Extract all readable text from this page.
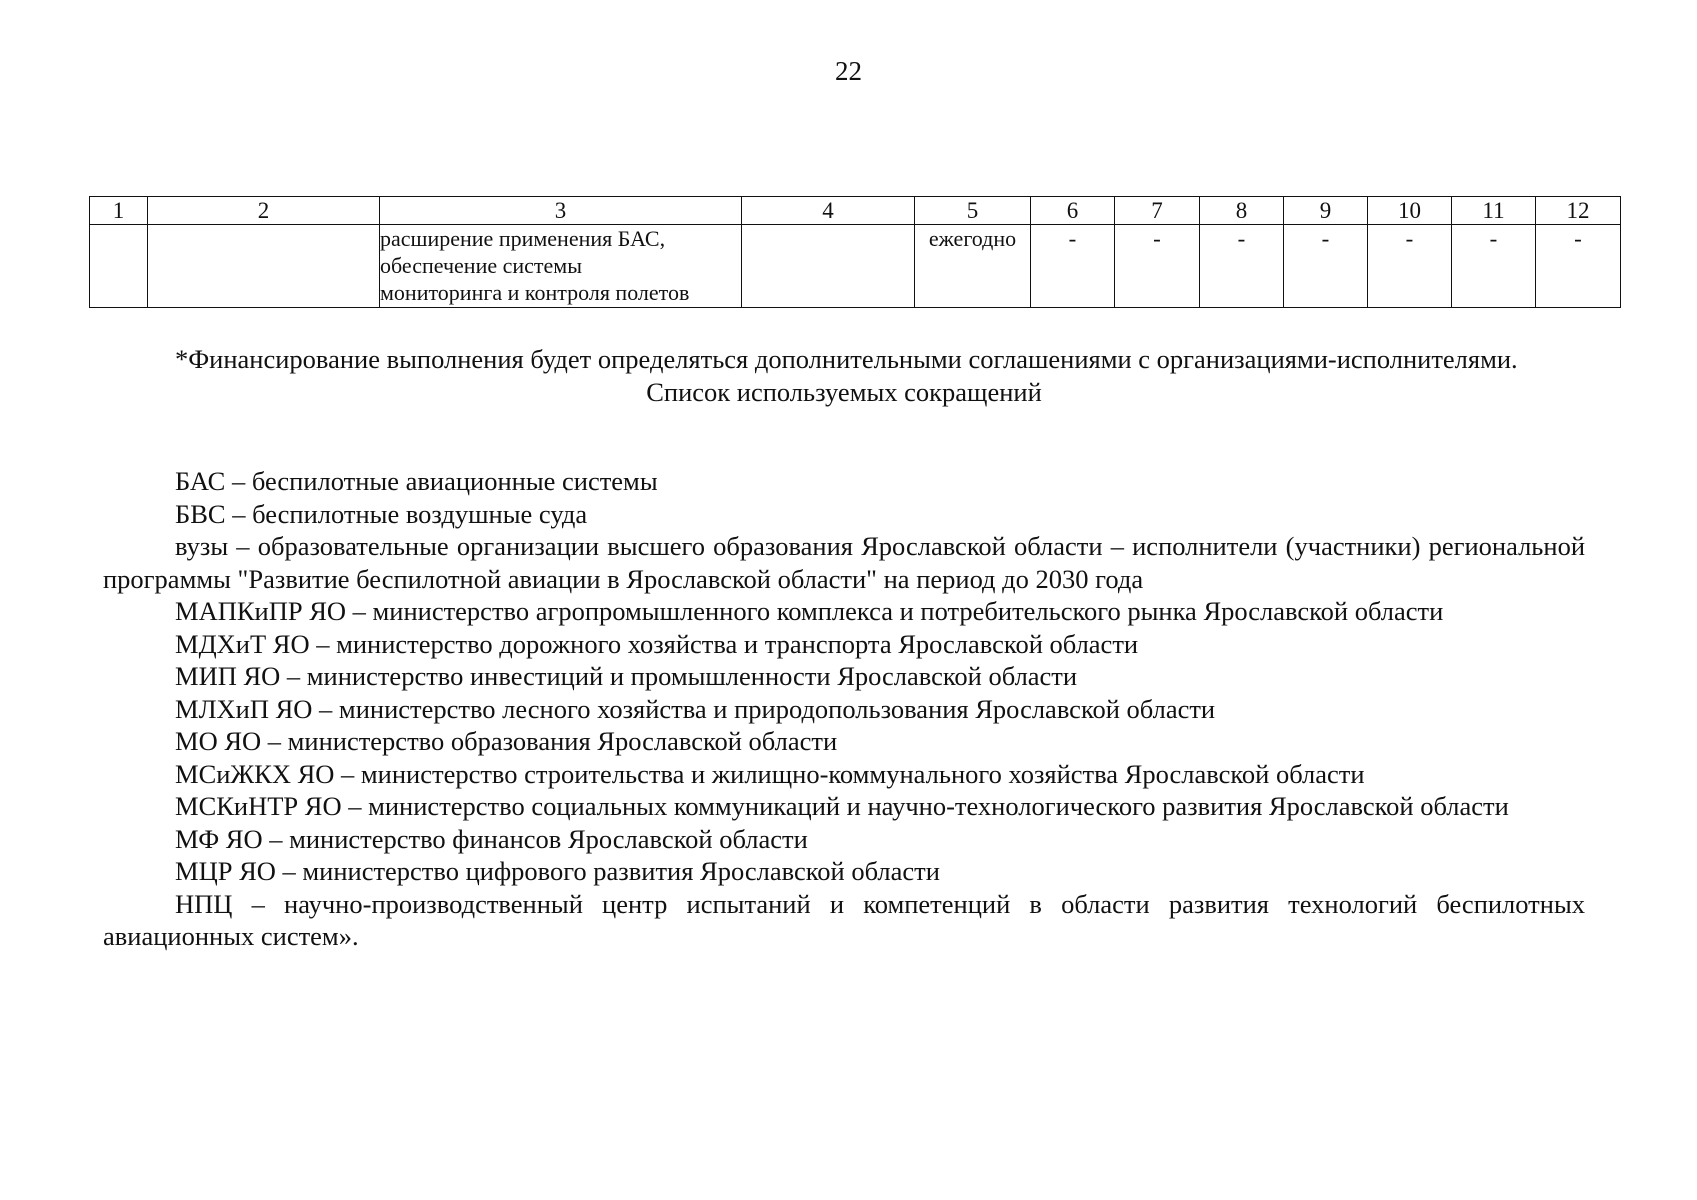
22
1	2	3	4	5	6	7	8	9	10	11	12

		расширение применения БАС,
обеспечение системы
мониторинга и контроля полетов		ежегодно	-	-	-	-	-	-	-

*Финансирование выполнения будет определяться дополнительными соглашениями с организациями-исполнителями.

Список используемых сокращений

БАС – беспилотные авиационные системы

БВС – беспилотные воздушные суда

вузы – образовательные организации высшего образования Ярославской области – исполнители (участники) региональной программы "Развитие беспилотной авиации в Ярославской области" на период до 2030 года

МАПКиПР ЯО – министерство агропромышленного комплекса и потребительского рынка Ярославской области

МДХиТ ЯО – министерство дорожного хозяйства и транспорта Ярославской области

МИП ЯО – министерство инвестиций и промышленности Ярославской области

МЛХиП ЯО – министерство лесного хозяйства и природопользования Ярославской области

МО ЯО – министерство образования Ярославской области

МСиЖКХ ЯО – министерство строительства и жилищно-коммунального хозяйства Ярославской области

МСКиНТР ЯО – министерство социальных коммуникаций и научно-технологического развития Ярославской области

МФ ЯО – министерство финансов Ярославской области

МЦР ЯО – министерство цифрового развития Ярославской области

НПЦ – научно-производственный центр испытаний и компетенций в области развития технологий беспилотных авиационных систем».
